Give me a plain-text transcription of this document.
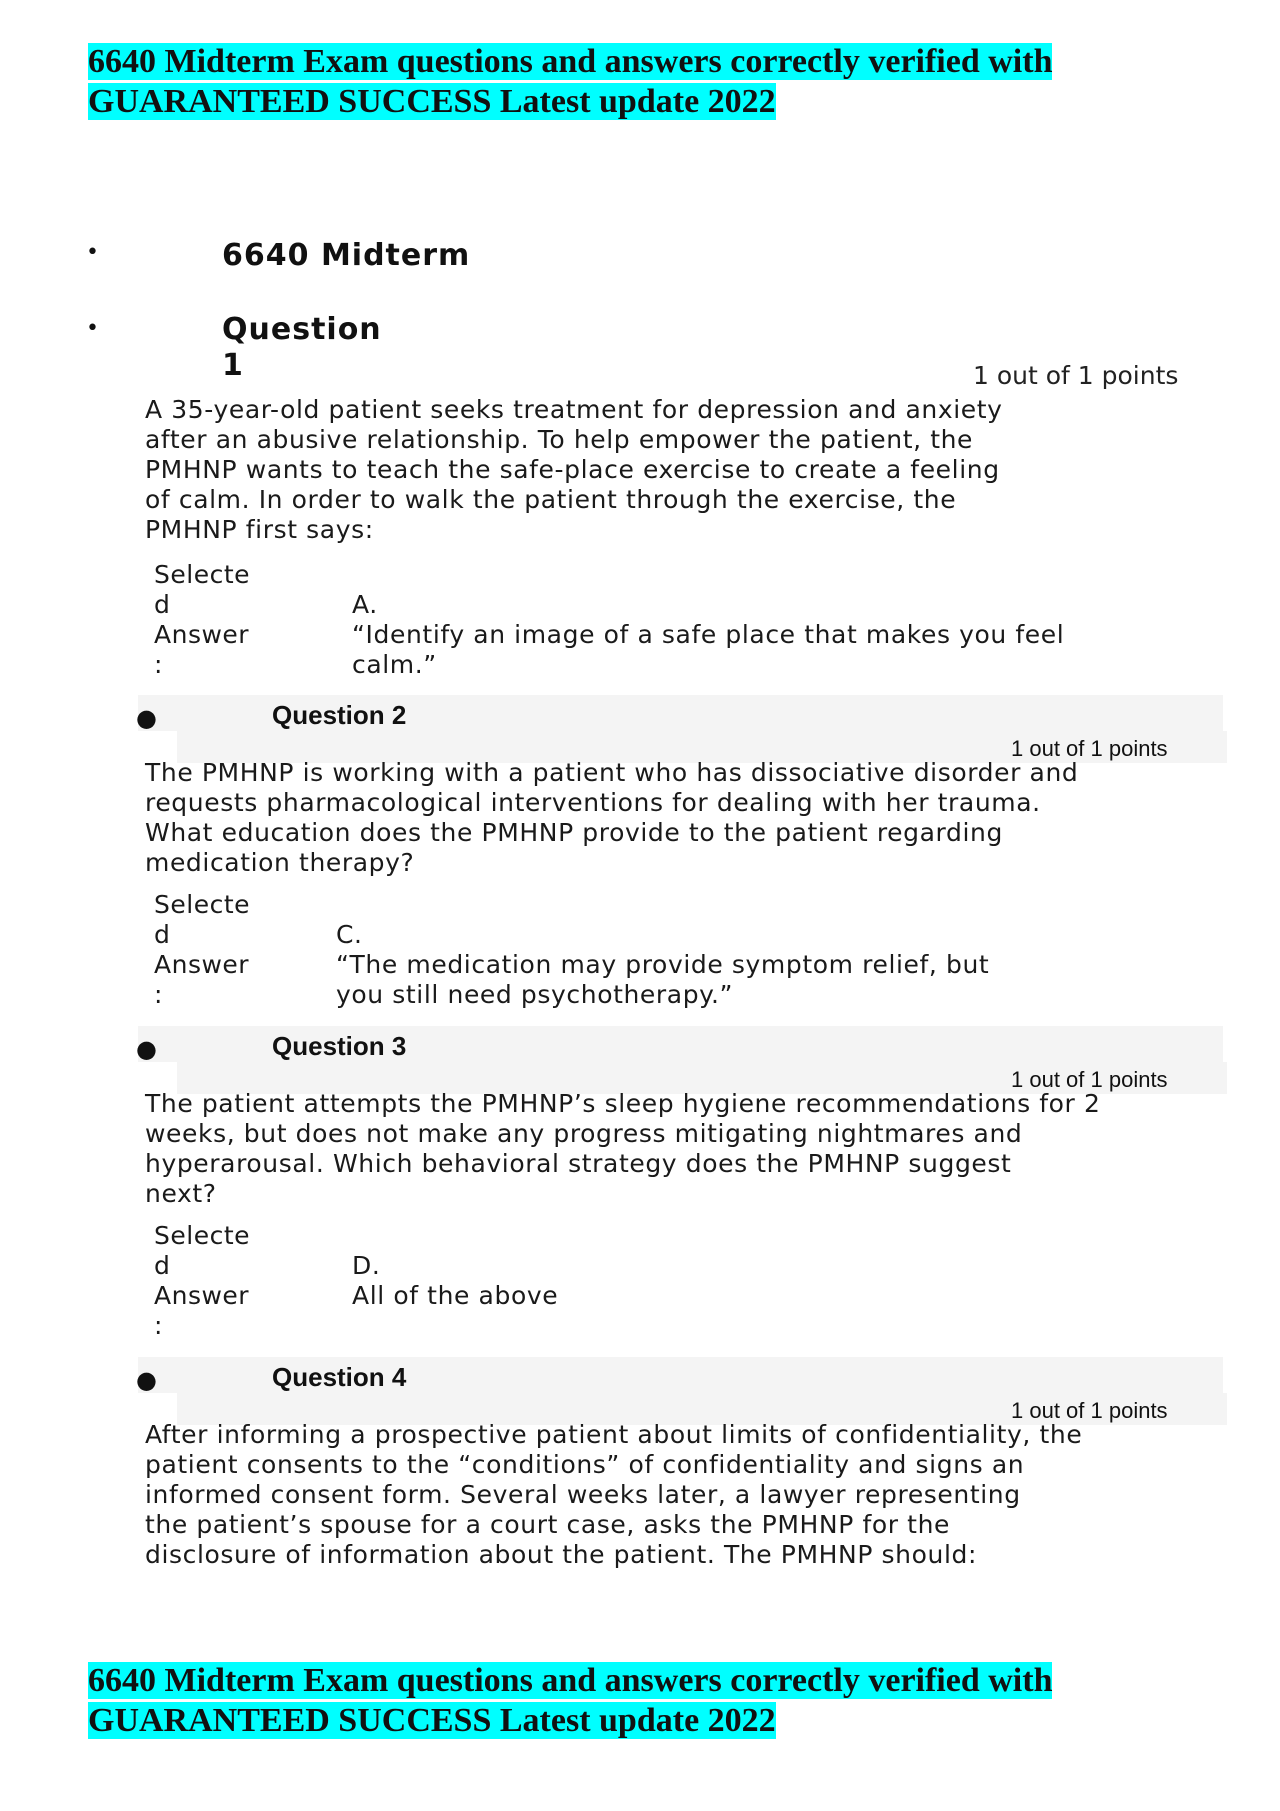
6640 Midterm Exam questions and answers correctly verified with
GUARANTEED SUCCESS Latest update 2022
•	6640 Midterm
•	Question
1	1 out of 1 points
A 35-year-old patient seeks treatment for depression and anxiety
after an abusive relationship. To help empower the patient, the
PMHNP wants to teach the safe-place exercise to create a feeling
of calm. In order to walk the patient through the exercise, the
PMHNP first says:
Selecte
d
Answer
:
A.
“Identify an image of a safe place that makes you feel
calm.”
●	Question 2
1 out of 1 points
The PMHNP is working with a patient who has dissociative disorder and
requests pharmacological interventions for dealing with her trauma.
What education does the PMHNP provide to the patient regarding
medication therapy?
Selecte
d
Answer
:
C.
“The medication may provide symptom relief, but
you still need psychotherapy.”
●	Question 3
1 out of 1 points
The patient attempts the PMHNP’s sleep hygiene recommendations for 2
weeks, but does not make any progress mitigating nightmares and
hyperarousal. Which behavioral strategy does the PMHNP suggest
next?
Selecte
d
Answer
:
D.
All of the above
●	Question 4
1 out of 1 points
After informing a prospective patient about limits of confidentiality, the
patient consents to the “conditions” of confidentiality and signs an
informed consent form. Several weeks later, a lawyer representing
the patient’s spouse for a court case, asks the PMHNP for the
disclosure of information about the patient. The PMHNP should:
6640 Midterm Exam questions and answers correctly verified with
GUARANTEED SUCCESS Latest update 2022
